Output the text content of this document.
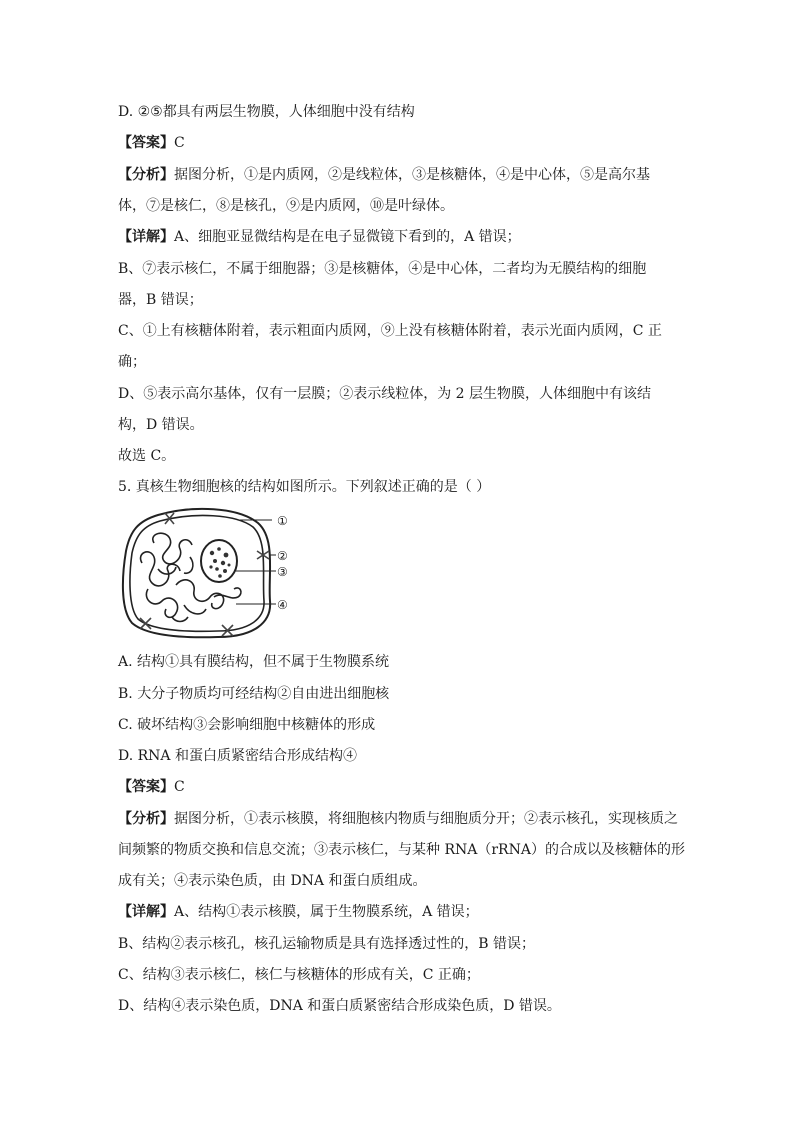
D. ②⑤都具有两层生物膜，人体细胞中没有结构
【答案】C
【分析】据图分析，①是内质网，②是线粒体，③是核糖体，④是中心体，⑤是高尔基
体，⑦是核仁，⑧是核孔，⑨是内质网，⑩是叶绿体。
【详解】A、细胞亚显微结构是在电子显微镜下看到的，A 错误；
B、⑦表示核仁，不属于细胞器；③是核糖体，④是中心体，二者均为无膜结构的细胞
器，B 错误；
C、①上有核糖体附着，表示粗面内质网，⑨上没有核糖体附着，表示光面内质网，C 正
确；
D、⑤表示高尔基体，仅有一层膜；②表示线粒体，为 2 层生物膜，人体细胞中有该结
构，D 错误。
故选 C。
5. 真核生物细胞核的结构如图所示。下列叙述正确的是（ ）
①
②
③
④
A. 结构①具有膜结构，但不属于生物膜系统
B. 大分子物质均可经结构②自由进出细胞核
C. 破坏结构③会影响细胞中核糖体的形成
D. RNA 和蛋白质紧密结合形成结构④
【答案】C
【分析】据图分析，①表示核膜，将细胞核内物质与细胞质分开；②表示核孔，实现核质之
间频繁的物质交换和信息交流；③表示核仁，与某种 RNA（rRNA）的合成以及核糖体的形
成有关；④表示染色质，由 DNA 和蛋白质组成。
【详解】A、结构①表示核膜，属于生物膜系统，A 错误；
B、结构②表示核孔，核孔运输物质是具有选择透过性的，B 错误；
C、结构③表示核仁，核仁与核糖体的形成有关，C 正确；
D、结构④表示染色质，DNA 和蛋白质紧密结合形成染色质，D 错误。
